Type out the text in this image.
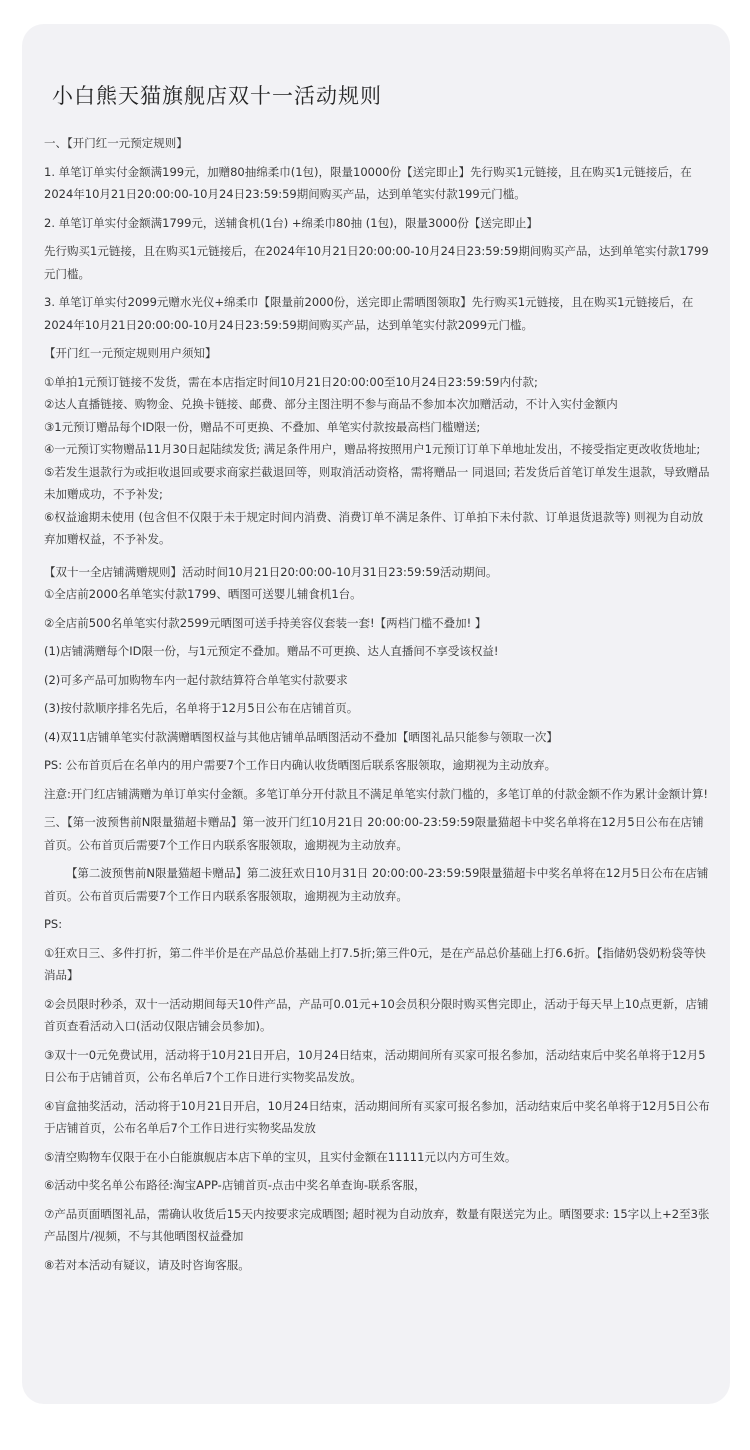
小白熊天猫旗舰店双十一活动规则
一、【开门红一元预定规则】
1. 单笔订单实付金额满199元，加赠80抽绵柔巾(1包)，限量10000份【送完即止】先行购买1元链接，且在购买1元链接后，在2024年10月21日20:00:00-10月24日23:59:59期间购买产品，达到单笔实付款199元门槛。
2. 单笔订单实付金额满1799元，送辅食机(1台) +绵柔巾80抽 (1包)，限量3000份【送完即止】
先行购买1元链接，且在购买1元链接后，在2024年10月21日20:00:00-10月24日23:59:59期间购买产品，达到单笔实付款1799元门槛。
3. 单笔订单实付2099元赠水光仪+绵柔巾【限量前2000份，送完即止需晒图领取】先行购买1元链接，且在购买1元链接后，在2024年10月21日20:00:00-10月24日23:59:59期间购买产品，达到单笔实付款2099元门槛。
【开门红一元预定规则用户须知】
①单拍1元预订链接不发货，需在本店指定时间10月21日20:00:00至10月24日23:59:59内付款;
②达人直播链接、购物金、兑换卡链接、邮费、部分主图注明不参与商品不参加本次加赠活动，不计入实付金额内
③1元预订赠品每个ID限一份，赠品不可更换、不叠加、单笔实付款按最高档门槛赠送;
④一元预订实物赠品11月30日起陆续发货; 满足条件用户，赠品将按照用户1元预订订单下单地址发出，不接受指定更改收货地址;
⑤若发生退款行为或拒收退回或要求商家拦截退回等，则取消活动资格，需将赠品一 同退回; 若发货后首笔订单发生退款，导致赠品未加赠成功，不予补发;
⑥权益逾期未使用 (包含但不仅限于未于规定时间内消费、消费订单不满足条件、订单拍下未付款、订单退货退款等) 则视为自动放弃加赠权益，不予补发。
【双十一全店铺满赠规则】活动时间10月21日20:00:00-10月31日23:59:59活动期间。
①全店前2000名单笔实付款1799、晒图可送婴儿辅食机1台。
②全店前500名单笔实付款2599元晒图可送手持美容仪套装一套!【两档门槛不叠加! 】
(1)店铺满赠每个ID限一份，与1元预定不叠加。赠品不可更换、达人直播间不享受该权益!
(2)可多产品可加购物车内一起付款结算符合单笔实付款要求
(3)按付款顺序排名先后，名单将于12月5日公布在店铺首页。
(4)双11店铺单笔实付款满赠晒图权益与其他店铺单品晒图活动不叠加【晒图礼品只能参与领取一次】
PS: 公布首页后在名单内的用户需要7个工作日内确认收货晒图后联系客服领取，逾期视为主动放弃。
注意:开门红店铺满赠为单订单实付金额。多笔订单分开付款且不满足单笔实付款门槛的，多笔订单的付款金额不作为累计金额计算!
三、【第一波预售前N限量猫超卡赠品】第一波开门红10月21日 20:00:00-23:59:59限量猫超卡中奖名单将在12月5日公布在店铺首页。公布首页后需要7个工作日内联系客服领取，逾期视为主动放弃。
【第二波预售前N限量猫超卡赠品】第二波狂欢日10月31日 20:00:00-23:59:59限量猫超卡中奖名单将在12月5日公布在店铺首页。公布首页后需要7个工作日内联系客服领取，逾期视为主动放弃。
PS:
①狂欢日三、多件打折，第二件半价是在产品总价基础上打7.5折;第三件0元，是在产品总价基础上打6.6折。【指储奶袋奶粉袋等快消品】
②会员限时秒杀，双十一活动期间每天10件产品，产品可0.01元+10会员积分限时购买售完即止，活动于每天早上10点更新，店铺首页查看活动入口(活动仅限店铺会员参加)。
③双十一0元免费试用，活动将于10月21日开启，10月24日结束，活动期间所有买家可报名参加，活动结束后中奖名单将于12月5日公布于店铺首页，公布名单后7个工作日进行实物奖品发放。
④盲盒抽奖活动，活动将于10月21日开启，10月24日结束，活动期间所有买家可报名参加，活动结束后中奖名单将于12月5日公布于店铺首页，公布名单后7个工作日进行实物奖品发放
⑤清空购物车仅限于在小白能旗舰店本店下单的宝贝，且实付金额在11111元以内方可生效。
⑥活动中奖名单公布路径:淘宝APP-店铺首页-点击中奖名单查询-联系客服，
⑦产品页面晒图礼品，需确认收货后15天内按要求完成晒图; 超时视为自动放弃，数量有限送完为止。晒图要求: 15字以上+2至3张产品图片/视频，不与其他晒图权益叠加
⑧若对本活动有疑议，请及时咨询客服。
